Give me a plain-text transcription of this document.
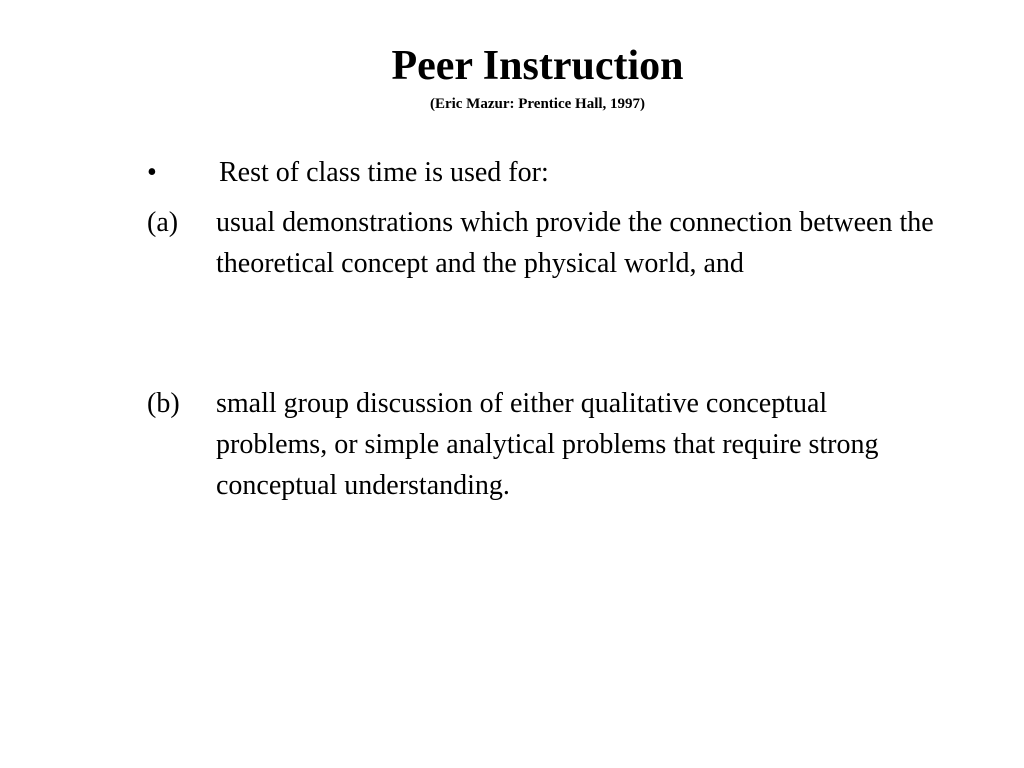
Peer Instruction

(Eric Mazur: Prentice Hall, 1997)

• Rest of class time is used for:
(a)	usual demonstrations which provide the connection between the theoretical concept and the physical world, and
(b)	small group discussion of either qualitative conceptual problems, or simple analytical problems that require strong conceptual understanding.
